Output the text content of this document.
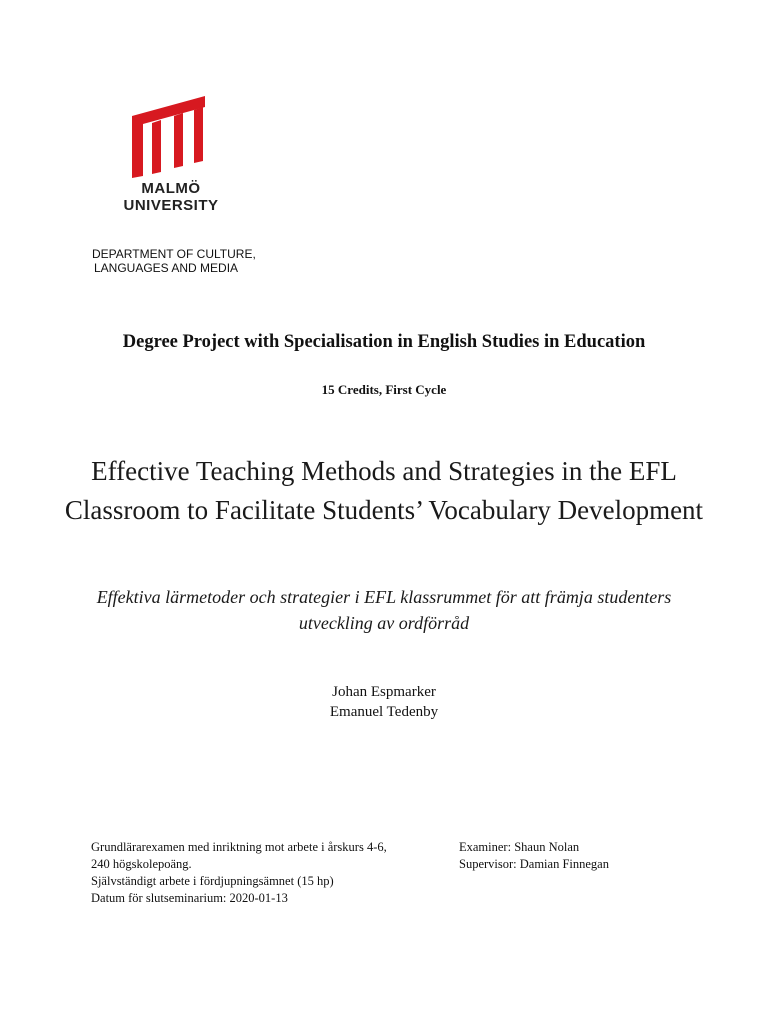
MALMÖ
UNIVERSITY
DEPARTMENT OF CULTURE,
LANGUAGES AND MEDIA
Degree Project with Specialisation in English Studies in Education
15 Credits, First Cycle
Effective Teaching Methods and Strategies in the EFL Classroom to Facilitate Students’ Vocabulary Development
Effektiva lärmetoder och strategier i EFL klassrummet för att främja studenters utveckling av ordförråd
Johan Espmarker
Emanuel Tedenby
Grundlärarexamen med inriktning mot arbete i årskurs 4-6,
240 högskolepoäng.
Självständigt arbete i fördjupningsämnet (15 hp)
Datum för slutseminarium: 2020-01-13
Examiner: Shaun Nolan
Supervisor: Damian Finnegan
